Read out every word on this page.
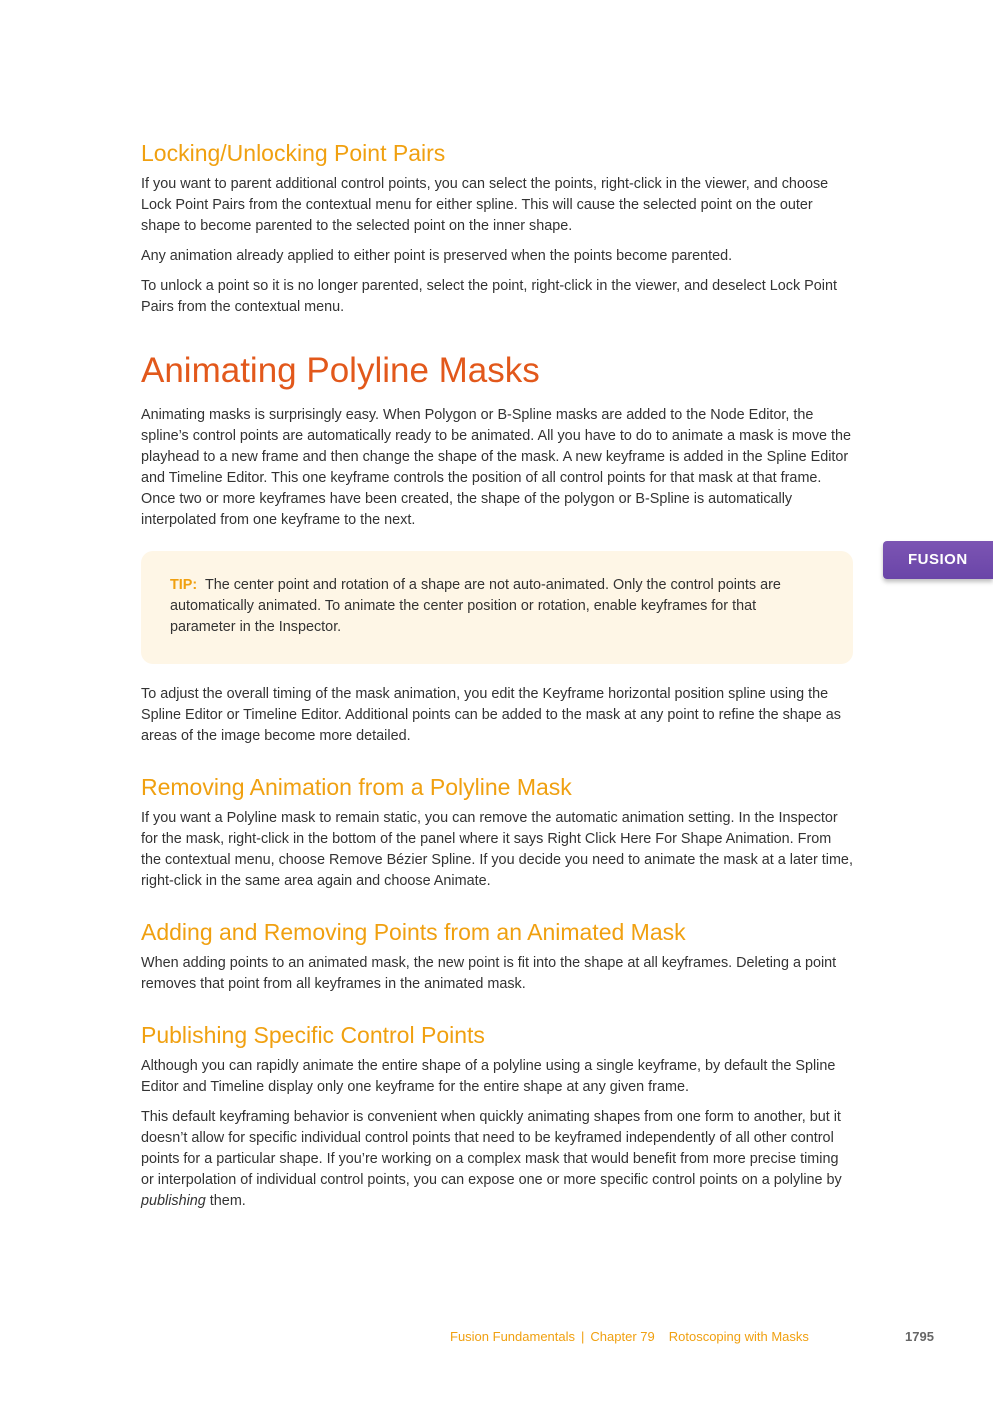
Locking/Unlocking Point Pairs

If you want to parent additional control points, you can select the points, right-click in the viewer, and choose Lock Point Pairs from the contextual menu for either spline. This will cause the selected point on the outer shape to become parented to the selected point on the inner shape.

Any animation already applied to either point is preserved when the points become parented.

To unlock a point so it is no longer parented, select the point, right-click in the viewer, and deselect Lock Point Pairs from the contextual menu.

Animating Polyline Masks

Animating masks is surprisingly easy. When Polygon or B-Spline masks are added to the Node Editor, the spline’s control points are automatically ready to be animated. All you have to do to animate a mask is move the playhead to a new frame and then change the shape of the mask. A new keyframe is added in the Spline Editor and Timeline Editor. This one keyframe controls the position of all control points for that mask at that frame. Once two or more keyframes have been created, the shape of the polygon or B-Spline is automatically interpolated from one keyframe to the next.

TIP: The center point and rotation of a shape are not auto-animated. Only the control points are automatically animated. To animate the center position or rotation, enable keyframes for that parameter in the Inspector.

To adjust the overall timing of the mask animation, you edit the Keyframe horizontal position spline using the Spline Editor or Timeline Editor. Additional points can be added to the mask at any point to refine the shape as areas of the image become more detailed.

Removing Animation from a Polyline Mask

If you want a Polyline mask to remain static, you can remove the automatic animation setting. In the Inspector for the mask, right-click in the bottom of the panel where it says Right Click Here For Shape Animation. From the contextual menu, choose Remove Bézier Spline. If you decide you need to animate the mask at a later time, right-click in the same area again and choose Animate.

Adding and Removing Points from an Animated Mask

When adding points to an animated mask, the new point is fit into the shape at all keyframes. Deleting a point removes that point from all keyframes in the animated mask.

Publishing Specific Control Points

Although you can rapidly animate the entire shape of a polyline using a single keyframe, by default the Spline Editor and Timeline display only one keyframe for the entire shape at any given frame.

This default keyframing behavior is convenient when quickly animating shapes from one form to another, but it doesn’t allow for specific individual control points that need to be keyframed independently of all other control points for a particular shape. If you’re working on a complex mask that would benefit from more precise timing or interpolation of individual control points, you can expose one or more specific control points on a polyline by publishing them.

FUSION
Fusion Fundamentals | Chapter 79 Rotoscoping with Masks	1795
